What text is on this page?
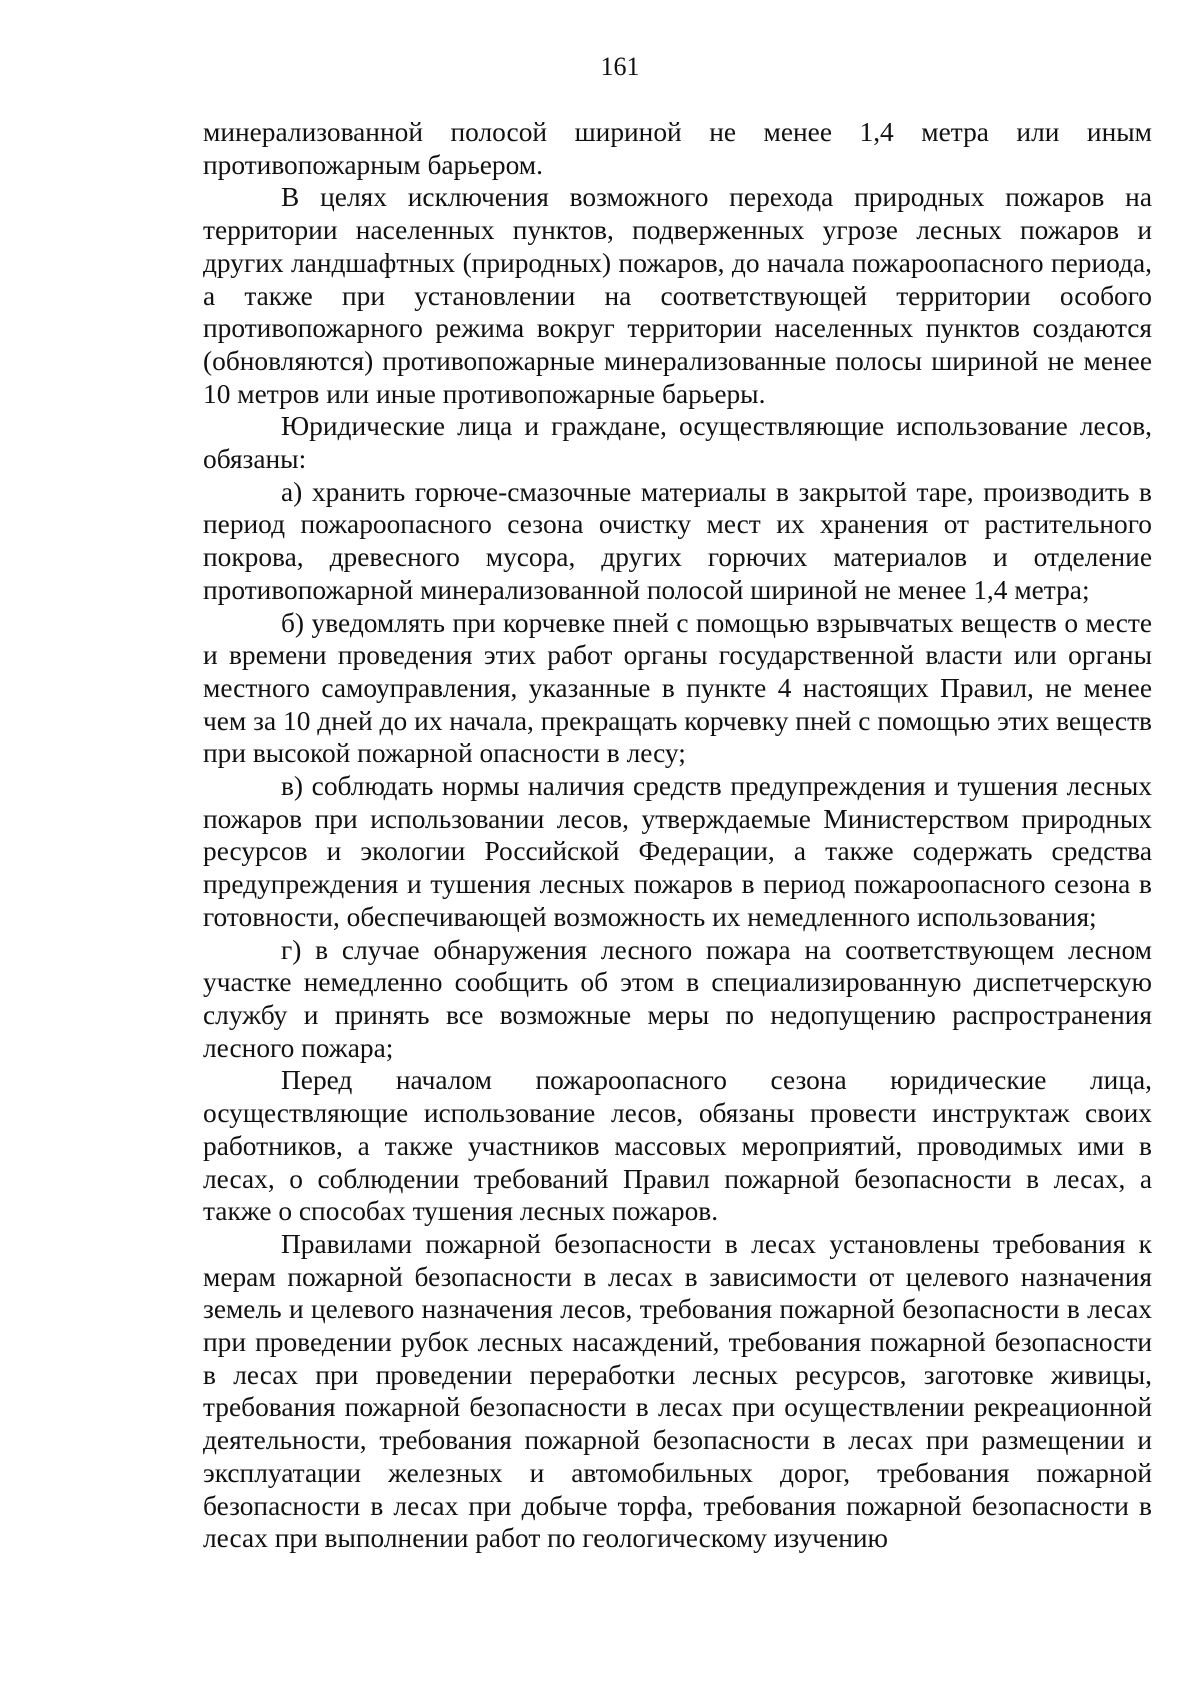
161

минерализованной полосой шириной не менее 1,4 метра или иным противопожарным барьером.

В целях исключения возможного перехода природных пожаров на территории населенных пунктов, подверженных угрозе лесных пожаров и других ландшафтных (природных) пожаров, до начала пожароопасного периода, а также при установлении на соответствующей территории особого противопожарного режима вокруг территории населенных пунктов создаются (обновляются) противопожарные минерализованные полосы шириной не менее 10 метров или иные противопожарные барьеры.

Юридические лица и граждане, осуществляющие использование лесов, обязаны:

а) хранить горюче-смазочные материалы в закрытой таре, производить в период пожароопасного сезона очистку мест их хранения от растительного покрова, древесного мусора, других горючих материалов и отделение противопожарной минерализованной полосой шириной не менее 1,4 метра;

б) уведомлять при корчевке пней с помощью взрывчатых веществ о месте и времени проведения этих работ органы государственной власти или органы местного самоуправления, указанные в пункте 4 настоящих Правил, не менее чем за 10 дней до их начала, прекращать корчевку пней с помощью этих веществ при высокой пожарной опасности в лесу;

в) соблюдать нормы наличия средств предупреждения и тушения лесных пожаров при использовании лесов, утверждаемые Министерством природных ресурсов и экологии Российской Федерации, а также содержать средства предупреждения и тушения лесных пожаров в период пожароопасного сезона в готовности, обеспечивающей возможность их немедленного использования;

г) в случае обнаружения лесного пожара на соответствующем лесном участке немедленно сообщить об этом в специализированную диспетчерскую службу и принять все возможные меры по недопущению распространения лесного пожара;

Перед началом пожароопасного сезона юридические лица, осуществляющие использование лесов, обязаны провести инструктаж своих работников, а также участников массовых мероприятий, проводимых ими в лесах, о соблюдении требований Правил пожарной безопасности в лесах, а также о способах тушения лесных пожаров.

Правилами пожарной безопасности в лесах установлены требования к мерам пожарной безопасности в лесах в зависимости от целевого назначения земель и целевого назначения лесов, требования пожарной безопасности в лесах при проведении рубок лесных насаждений, требования пожарной безопасности в лесах при проведении переработки лесных ресурсов, заготовке живицы, требования пожарной безопасности в лесах при осуществлении рекреационной деятельности, требования пожарной безопасности в лесах при размещении и эксплуатации железных и автомобильных дорог, требования пожарной безопасности в лесах при добыче торфа, требования пожарной безопасности в лесах при выполнении работ по геологическому изучению
